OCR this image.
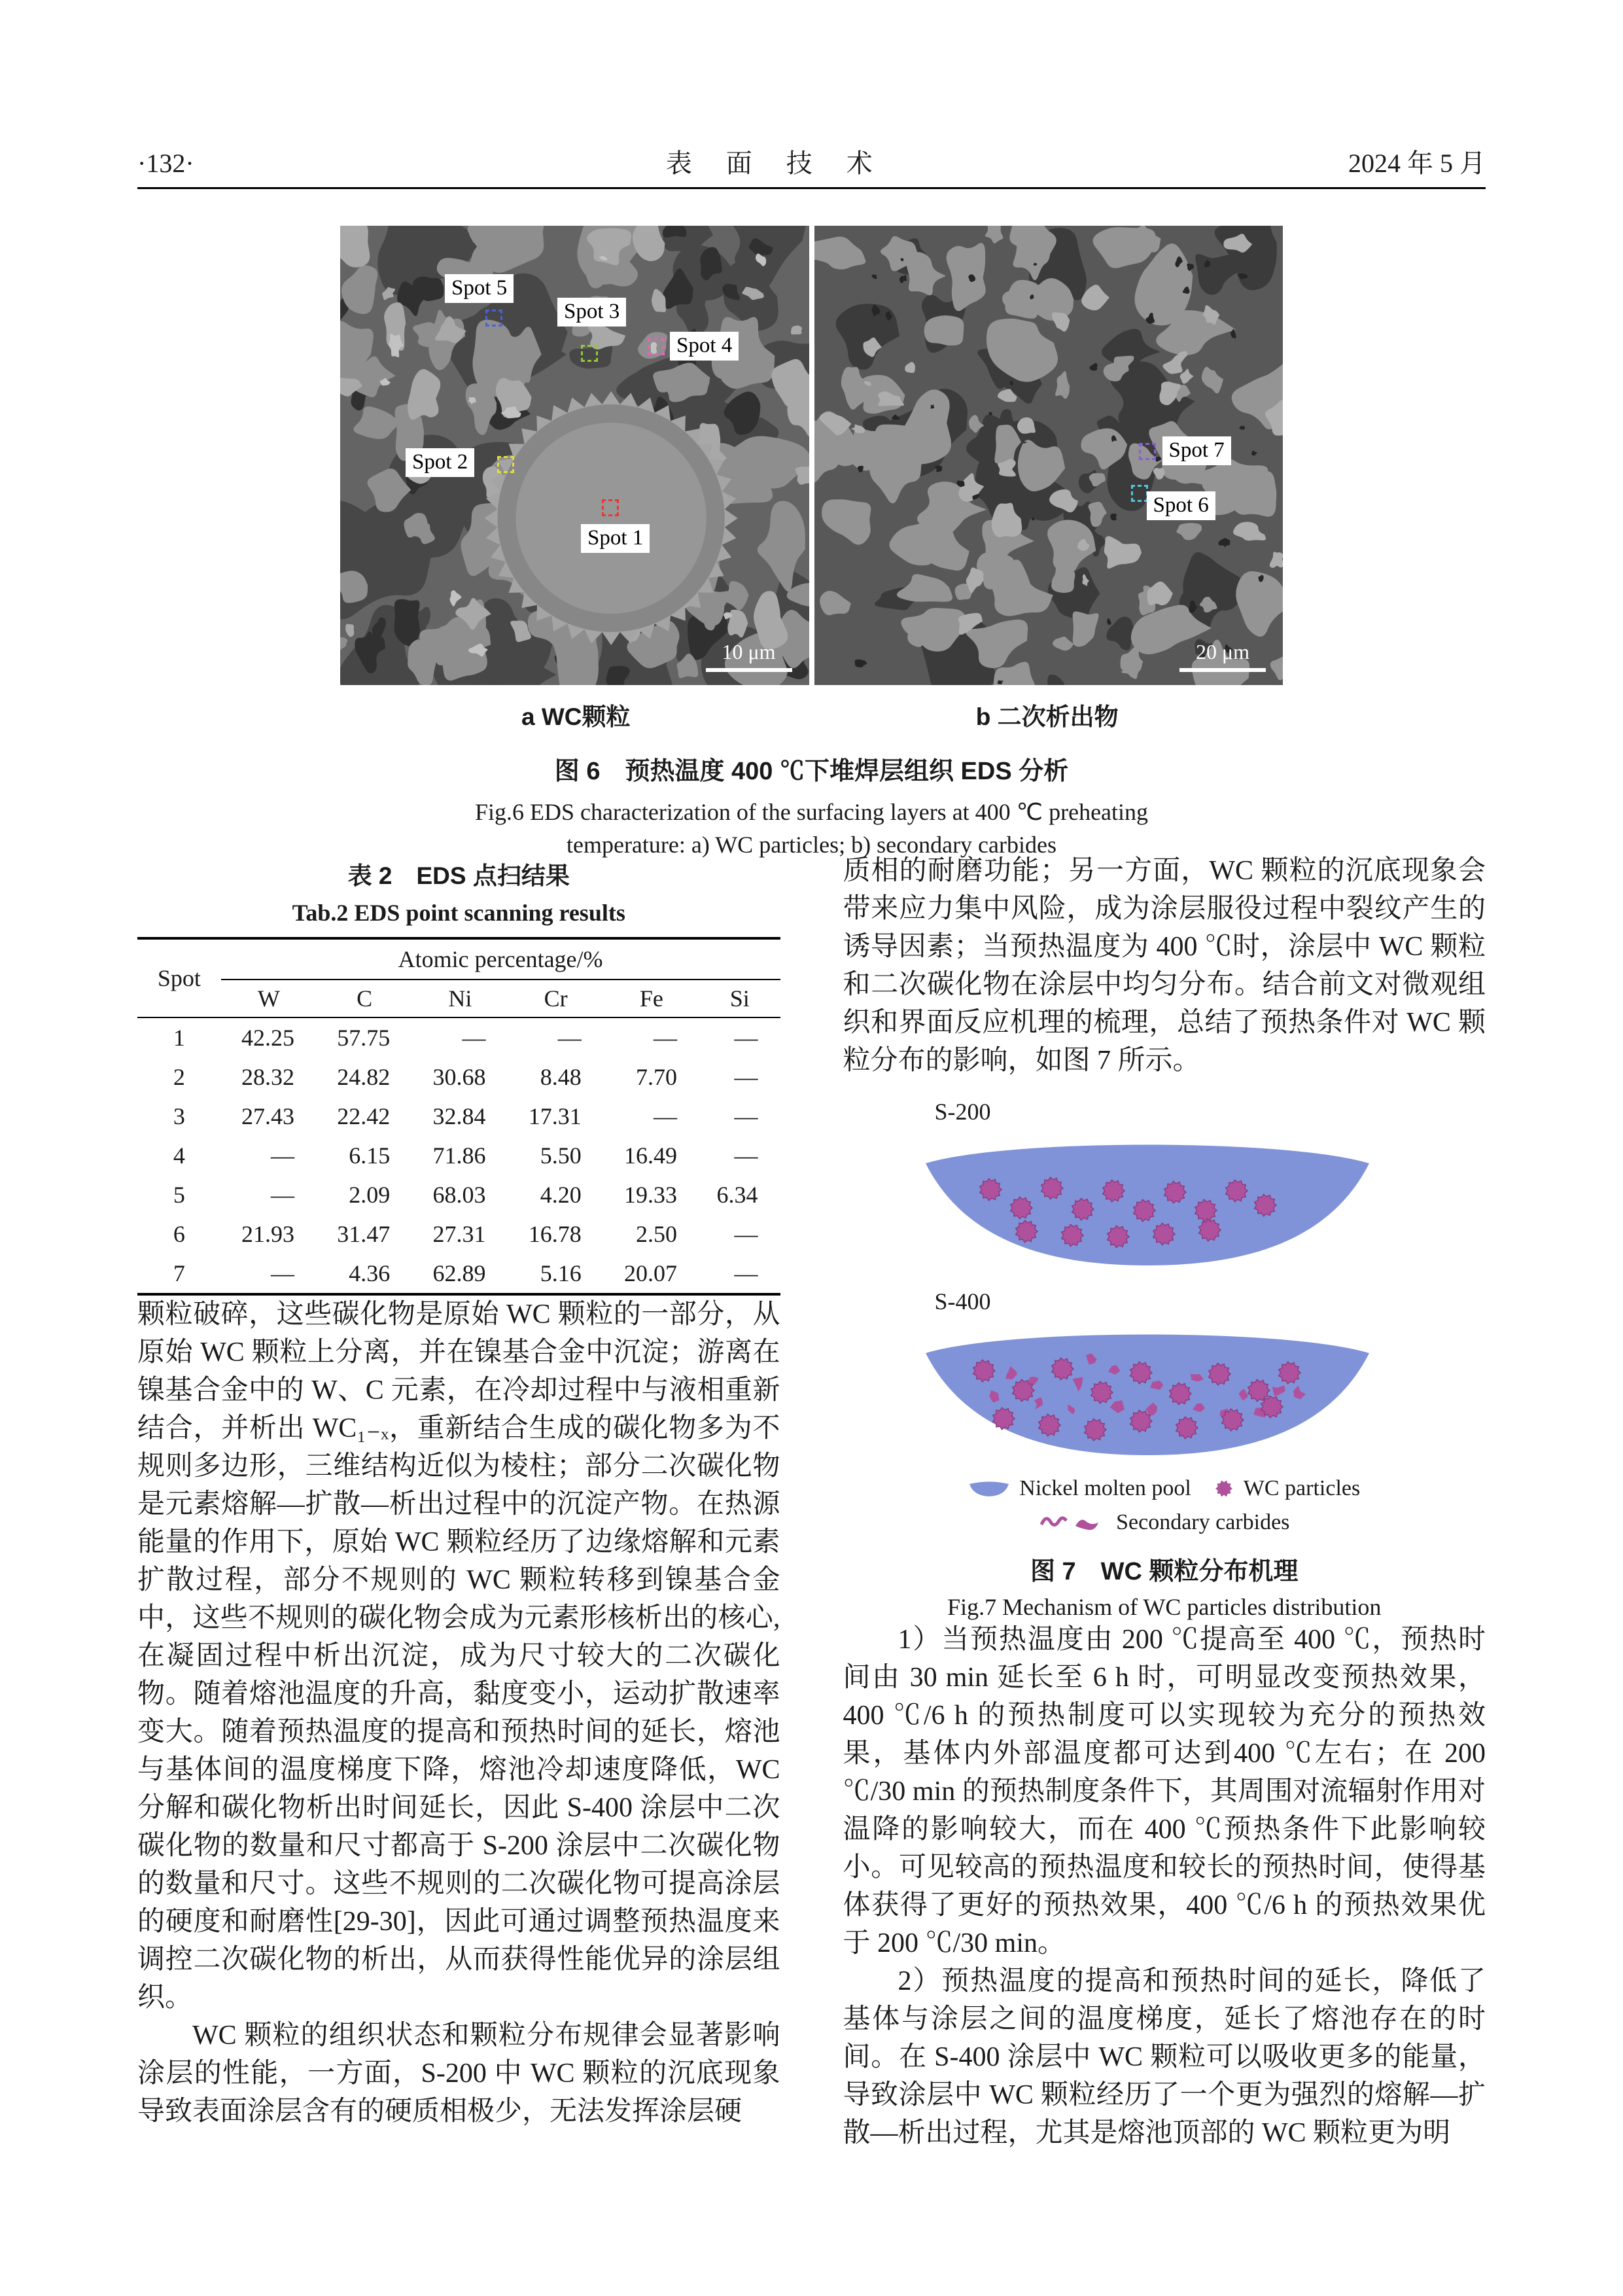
·132·	表　面　技　术	2024 年 5 月
Spot 5
Spot 3
Spot 4
Spot 2
Spot 1
10 μm
Spot 7
Spot 6
20 μm
a WC颗粒	b 二次析出物
图 6　预热温度 400 ℃下堆焊层组织 EDS 分析
Fig.6 EDS characterization of the surfacing layers at 400 ℃ preheating
temperature: a) WC particles; b) secondary carbides
表 2　EDS 点扫结果
Tab.2 EDS point scanning results
Spot	Atomic percentage/%					
	W	C	Ni	Cr	Fe	Si
1	42.25	57.75	—	—	—	—
2	28.32	24.82	30.68	8.48	7.70	—
3	27.43	22.42	32.84	17.31	—	—
4	—	6.15	71.86	5.50	16.49	—
5	—	2.09	68.03	4.20	19.33	6.34
6	21.93	31.47	27.31	16.78	2.50	—
7	—	4.36	62.89	5.16	20.07	—

颗粒破碎，这些碳化物是原始 WC 颗粒的一部分，从原始 WC 颗粒上分离，并在镍基合金中沉淀；游离在镍基合金中的 W、C 元素，在冷却过程中与液相重新结合，并析出 WC₁₋ₓ，重新结合生成的碳化物多为不规则多边形，三维结构近似为棱柱；部分二次碳化物是元素熔解—扩散—析出过程中的沉淀产物。在热源能量的作用下，原始 WC 颗粒经历了边缘熔解和元素扩散过程，部分不规则的 WC 颗粒转移到镍基合金中，这些不规则的碳化物会成为元素形核析出的核心,在凝固过程中析出沉淀，成为尺寸较大的二次碳化物。随着熔池温度的升高，黏度变小，运动扩散速率变大。随着预热温度的提高和预热时间的延长，熔池与基体间的温度梯度下降，熔池冷却速度降低，WC 分解和碳化物析出时间延长，因此 S-400 涂层中二次碳化物的数量和尺寸都高于 S-200 涂层中二次碳化物的数量和尺寸。这些不规则的二次碳化物可提高涂层的硬度和耐磨性[29-30]，因此可通过调整预热温度来调控二次碳化物的析出，从而获得性能优异的涂层组织。

WC 颗粒的组织状态和颗粒分布规律会显著影响涂层的性能，一方面，S-200 中 WC 颗粒的沉底现象导致表面涂层含有的硬质相极少，无法发挥涂层硬

质相的耐磨功能；另一方面，WC 颗粒的沉底现象会带来应力集中风险，成为涂层服役过程中裂纹产生的诱导因素；当预热温度为 400 ℃时，涂层中 WC 颗粒和二次碳化物在涂层中均匀分布。结合前文对微观组织和界面反应机理的梳理，总结了预热条件对 WC 颗粒分布的影响，如图 7 所示。

S-200
S-400
Nickel molten pool WC particles
Secondary carbides
图 7　WC 颗粒分布机理
Fig.7 Mechanism of WC particles distribution

1）当预热温度由 200 ℃提高至 400 ℃，预热时间由 30 min 延长至 6 h 时，可明显改变预热效果，400 ℃/6 h 的预热制度可以实现较为充分的预热效果，基体内外部温度都可达到400 ℃左右；在 200 ℃/30 min 的预热制度条件下，其周围对流辐射作用对温降的影响较大，而在 400 ℃预热条件下此影响较小。可见较高的预热温度和较长的预热时间，使得基体获得了更好的预热效果，400 ℃/6 h 的预热效果优于 200 ℃/30 min。

2）预热温度的提高和预热时间的延长，降低了基体与涂层之间的温度梯度，延长了熔池存在的时间。在 S-400 涂层中 WC 颗粒可以吸收更多的能量，导致涂层中 WC 颗粒经历了一个更为强烈的熔解—扩散—析出过程，尤其是熔池顶部的 WC 颗粒更为明
